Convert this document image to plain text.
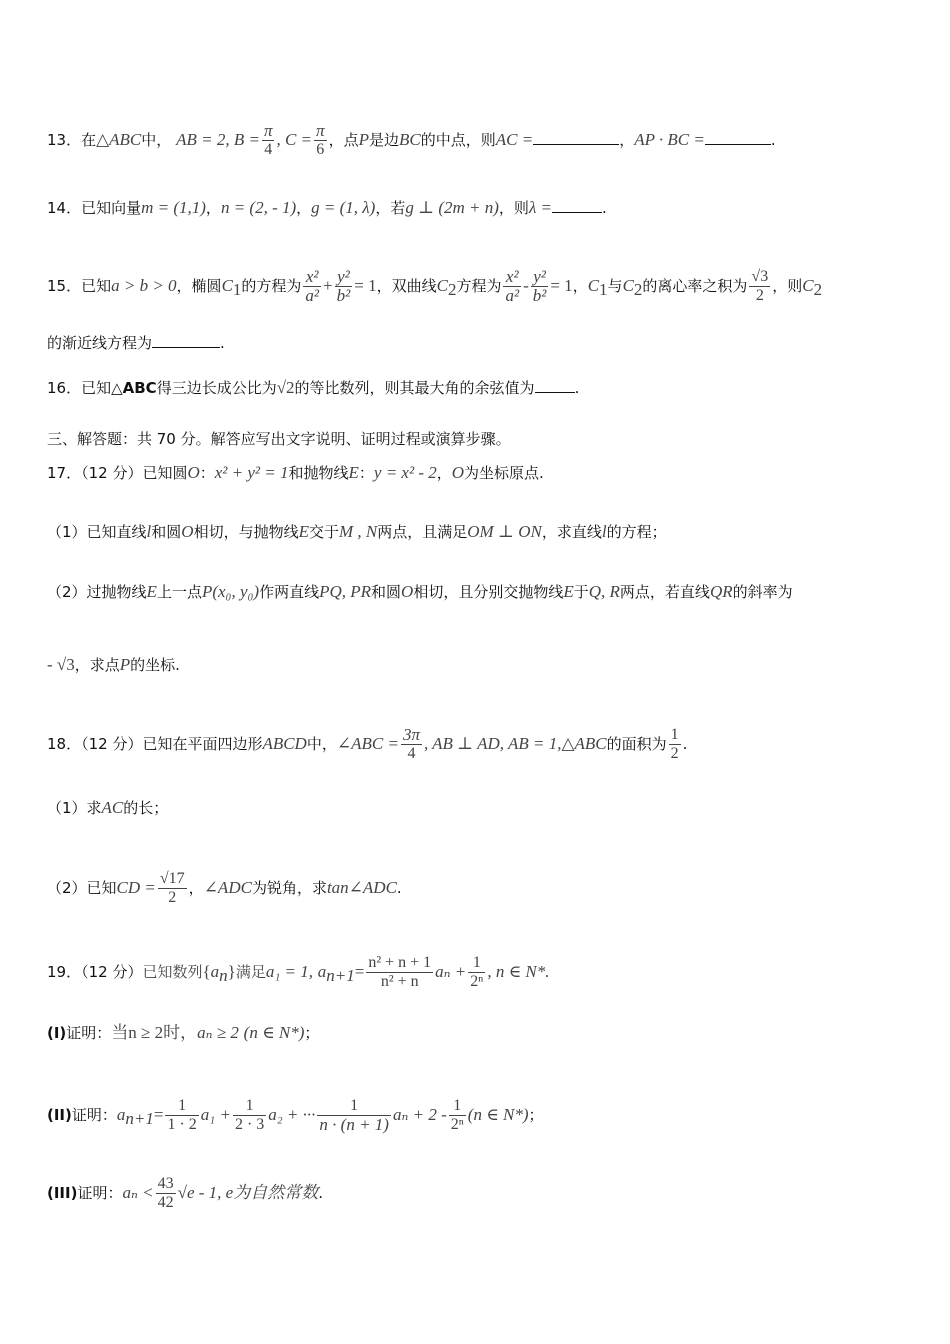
13．在△ABC中， AB = 2, $B = \frac{\pi}{4}$ , $C = \frac{\pi}{6}$ ，点P是边BC的中点，则AC =	，AP · BC =	.
14．已知向量m = (1,1)，n = (2, - 1)，g = (1, λ)，若g ⊥ (2m + n)，则λ =	.
15．已知a > b > 0，椭圆$C_1$的方程为 $\frac{\text{x²}}{\text{a²}} + \frac{\text{y²}}{\text{b²}} = 1$，双曲线$C_2$方程为 $\frac{\text{x²}}{\text{a²}} - \frac{\text{y²}}{\text{b²}} = 1$，$C_1$与$C_2$的离心率之积为 $\frac{√3}{2}$ ，则$C_2$
的渐近线方程为	.
16．已知△ABC得三边长成公比为√2的等比数列，则其最大角的余弦值为	.
三、解答题：共 70 分。解答应写出文字说明、证明过程或演算步骤。
17．（12 分）已知圆O：x² + y² = 1和抛物线E：y = x² - 2，O为坐标原点.
（1）已知直线l和圆O相切，与抛物线E交于M , N两点，且满足OM ⊥ ON，求直线l的方程；
（2）过抛物线E上一点P(x₀, y₀)作两直线PQ, PR和圆O相切，且分别交抛物线E于Q, R两点，若直线QR的斜率为
- √3，求点P的坐标.
18．（12 分）已知在平面四边形ABCD中，∠ABC = $\frac{3\pi}{4}$ , AB ⊥ AD, AB = 1,△ABC的面积为 $\frac{1}{2}$ .
（1）求AC的长；
（2）已知CD = $\frac{√17}{2}$ ，∠ADC为锐角，求tan∠ADC.
19．（12 分）已知数列$\{a_n\}$满足a₁ = 1, $a_{n+1}= \frac{\text{n² + n + 1}}{\text{n² + n}}$ $a_n + \frac{1}{\text{2ⁿ}}$ , n ∈ N*.
(I)证明：当n ≥ 2时，aₙ ≥ 2 (n ∈ N*)；
(II)证明：$a_{n+1}= \frac{1}{1 \cdot 2} a_1 + \frac{1}{2 \cdot 3} a_2$ + ··· $\frac{1}{n \cdot (n + 1)}$ $a_n + 2 - \frac{1}{\text{2ⁿ}} (n$ ∈ N*)；
(III)证明：$a_n < \frac{43}{42} √e - 1$, e为自然常数.
